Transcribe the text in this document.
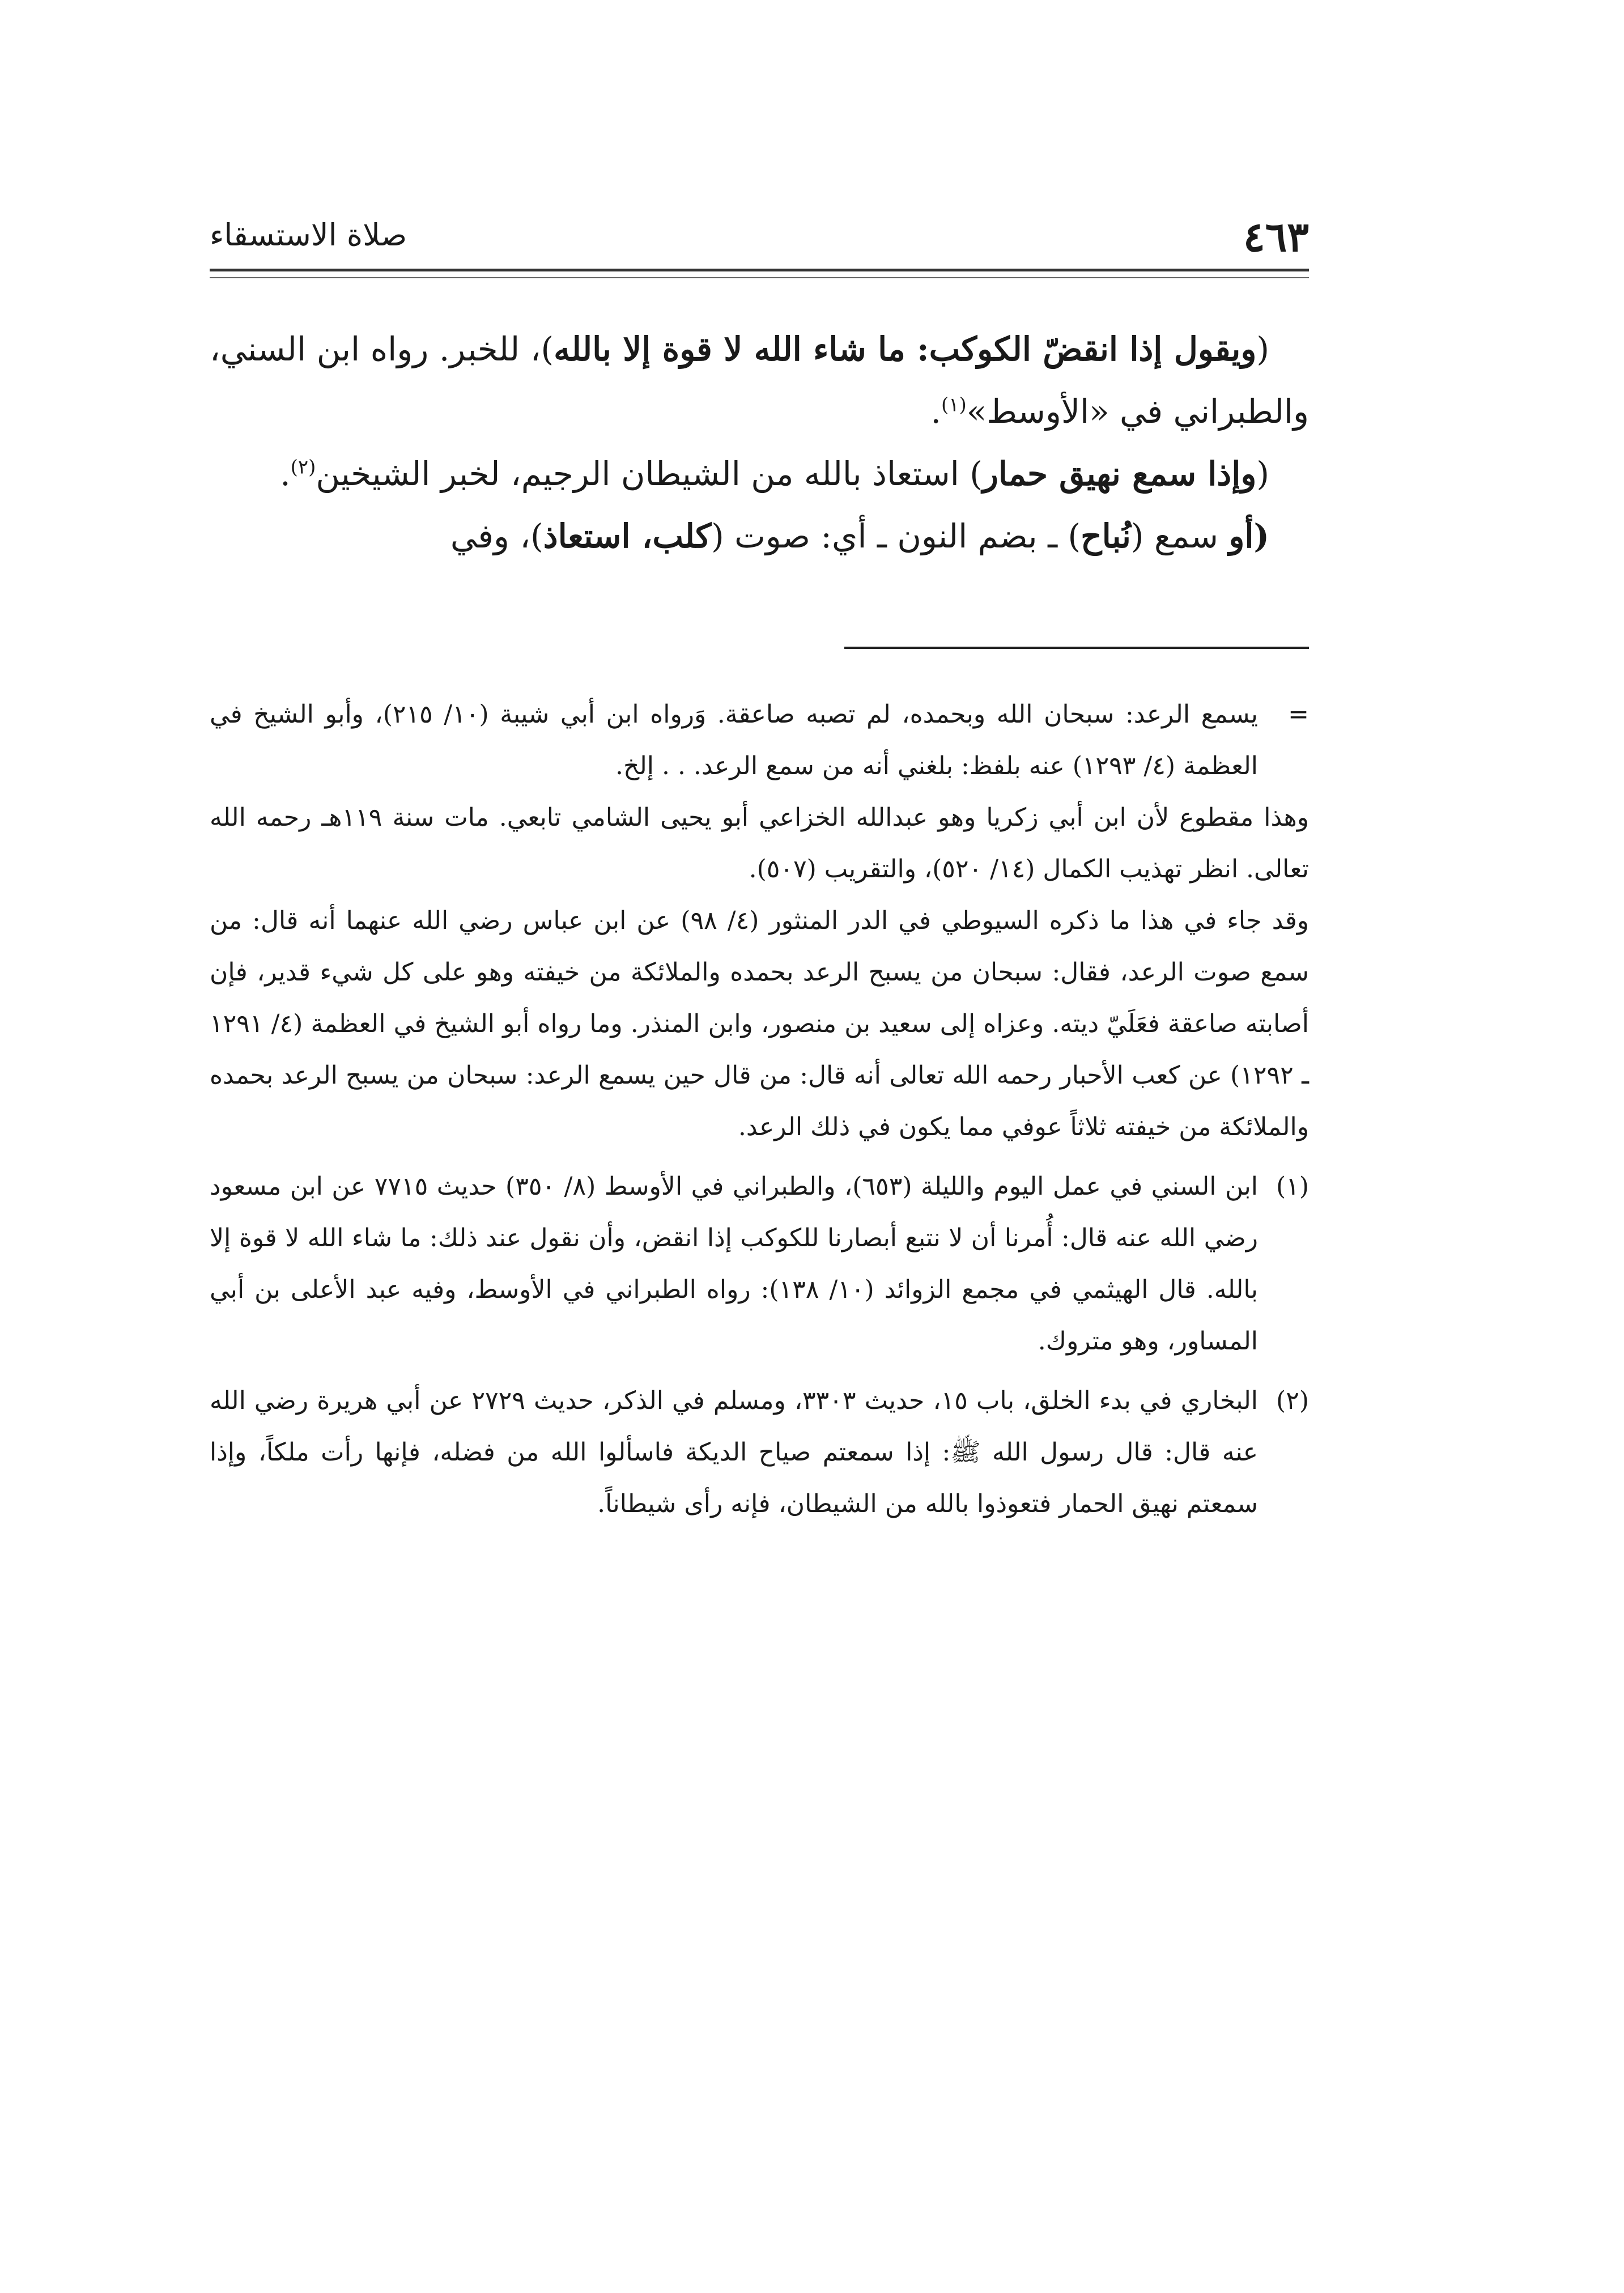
٤٦٣
صلاة الاستسقاء

(ويقول إذا انقضّ الكوكب: ما شاء الله لا قوة إلا بالله)، للخبر. رواه ابن السني، والطبراني في «الأوسط»$^{(١)}$.

(وإذا سمع نهيق حمار) استعاذ بالله من الشيطان الرجيم، لخبر الشيخين$^{(٢)}$.

(أو سمع (نُباح) ـ بضم النون ـ أي: صوت (كلب، استعاذ)، وفي

=

يسمع الرعد: سبحان الله وبحمده، لم تصبه صاعقة. وَرواه ابن أبي شيبة (١٠/ ٢١٥)، وأبو الشيخ في العظمة (٤/ ١٢٩٣) عنه بلفظ: بلغني أنه من سمع الرعد. . . إلخ.

وهذا مقطوع لأن ابن أبي زكريا وهو عبدالله الخزاعي أبو يحيى الشامي تابعي. مات سنة ١١٩هـ رحمه الله تعالى. انظر تهذيب الكمال (١٤/ ٥٢٠)، والتقريب (٥٠٧).

وقد جاء في هذا ما ذكره السيوطي في الدر المنثور (٤/ ٩٨) عن ابن عباس رضي الله عنهما أنه قال: من سمع صوت الرعد، فقال: سبحان من يسبح الرعد بحمده والملائكة من خيفته وهو على كل شيء قدير، فإن أصابته صاعقة فعَلَيّ ديته. وعزاه إلى سعيد بن منصور، وابن المنذر. وما رواه أبو الشيخ في العظمة (٤/ ١٢٩١ ـ ١٢٩٢) عن كعب الأحبار رحمه الله تعالى أنه قال: من قال حين يسمع الرعد: سبحان من يسبح الرعد بحمده والملائكة من خيفته ثلاثاً عوفي مما يكون في ذلك الرعد.

(١)

ابن السني في عمل اليوم والليلة (٦٥٣)، والطبراني في الأوسط (٨/ ٣٥٠) حديث ٧٧١٥ عن ابن مسعود رضي الله عنه قال: أُمرنا أن لا نتبع أبصارنا للكوكب إذا انقض، وأن نقول عند ذلك: ما شاء الله لا قوة إلا بالله. قال الهيثمي في مجمع الزوائد (١٠/ ١٣٨): رواه الطبراني في الأوسط، وفيه عبد الأعلى بن أبي المساور، وهو متروك.

(٢)

البخاري في بدء الخلق، باب ١٥، حديث ٣٣٠٣، ومسلم في الذكر، حديث ٢٧٢٩ عن أبي هريرة رضي الله عنه قال: قال رسول الله ﷺ: إذا سمعتم صياح الديكة فاسألوا الله من فضله، فإنها رأت ملكاً، وإذا سمعتم نهيق الحمار فتعوذوا بالله من الشيطان، فإنه رأى شيطاناً.
